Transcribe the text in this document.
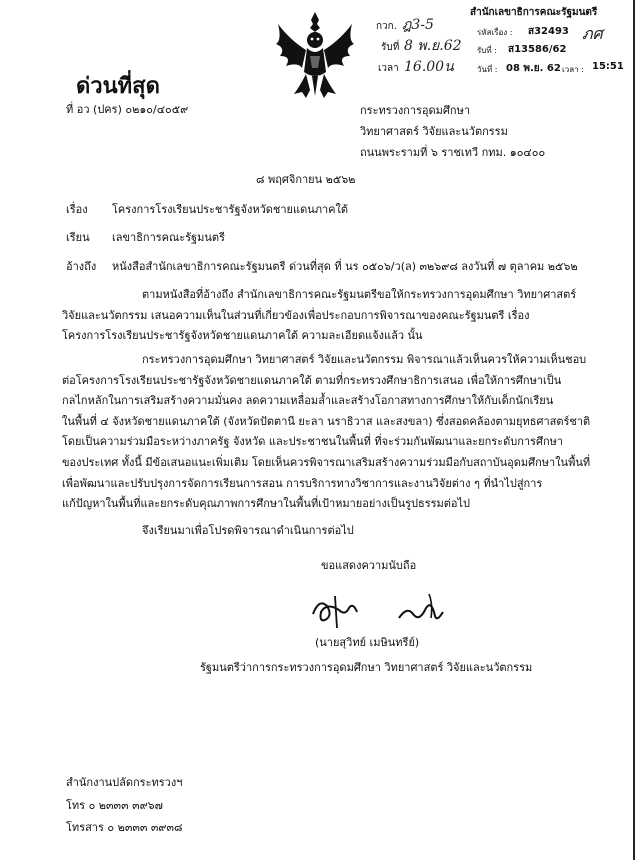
สำนักเลขาธิการคณะรัฐมนตรี
รหัสเรื่อง : ส32493 ภศ
รับที่ : ส13586/62
วันที่ : 08 พ.ย. 62 เวลา : 15:51
กวก. ฎ3-5
รับที่ 8 พ.ย.62
เวลา 16.00น
ด่วนที่สุด
ที่ อว (ปคร) ๐๒๑๐/๔๐๕๙	กระทรวงการอุดมศึกษา
วิทยาศาสตร์ วิจัยและนวัตกรรม
ถนนพระรามที่ ๖ ราชเทวี กทม. ๑๐๔๐๐
๘ พฤศจิกายน ๒๕๖๒
เรื่อง โครงการโรงเรียนประชารัฐจังหวัดชายแดนภาคใต้
เรียน เลขาธิการคณะรัฐมนตรี
อ้างถึง หนังสือสำนักเลขาธิการคณะรัฐมนตรี ด่วนที่สุด ที่ นร ๐๕๐๖/ว(ล) ๓๒๖๙๘ ลงวันที่ ๗ ตุลาคม ๒๕๖๒
ตามหนังสือที่อ้างถึง สำนักเลขาธิการคณะรัฐมนตรีขอให้กระทรวงการอุดมศึกษา วิทยาศาสตร์
วิจัยและนวัตกรรม เสนอความเห็นในส่วนที่เกี่ยวข้องเพื่อประกอบการพิจารณาของคณะรัฐมนตรี เรื่อง
โครงการโรงเรียนประชารัฐจังหวัดชายแดนภาคใต้ ความละเอียดแจ้งแล้ว นั้น
กระทรวงการอุดมศึกษา วิทยาศาสตร์ วิจัยและนวัตกรรม พิจารณาแล้วเห็นควรให้ความเห็นชอบ
ต่อโครงการโรงเรียนประชารัฐจังหวัดชายแดนภาคใต้ ตามที่กระทรวงศึกษาธิการเสนอ เพื่อให้การศึกษาเป็น
กลไกหลักในการเสริมสร้างความมั่นคง ลดความเหลื่อมล้ำและสร้างโอกาสทางการศึกษาให้กับเด็กนักเรียน
ในพื้นที่ ๔ จังหวัดชายแดนภาคใต้ (จังหวัดปัตตานี ยะลา นราธิวาส และสงขลา) ซึ่งสอดคล้องตามยุทธศาสตร์ชาติ
โดยเป็นความร่วมมือระหว่างภาครัฐ จังหวัด และประชาชนในพื้นที่ ที่จะร่วมกันพัฒนาและยกระดับการศึกษา
ของประเทศ ทั้งนี้ มีข้อเสนอแนะเพิ่มเติม โดยเห็นควรพิจารณาเสริมสร้างความร่วมมือกับสถาบันอุดมศึกษาในพื้นที่
เพื่อพัฒนาและปรับปรุงการจัดการเรียนการสอน การบริการทางวิชาการและงานวิจัยต่าง ๆ ที่นำไปสู่การ
แก้ปัญหาในพื้นที่และยกระดับคุณภาพการศึกษาในพื้นที่เป้าหมายอย่างเป็นรูปธรรมต่อไป
จึงเรียนมาเพื่อโปรดพิจารณาดำเนินการต่อไป
ขอแสดงความนับถือ
(นายสุวิทย์ เมษินทรีย์)
รัฐมนตรีว่าการกระทรวงการอุดมศึกษา วิทยาศาสตร์ วิจัยและนวัตกรรม
สำนักงานปลัดกระทรวงฯ
โทร ๐ ๒๓๓๓ ๓๙๖๗
โทรสาร ๐ ๒๓๓๓ ๓๙๓๘
